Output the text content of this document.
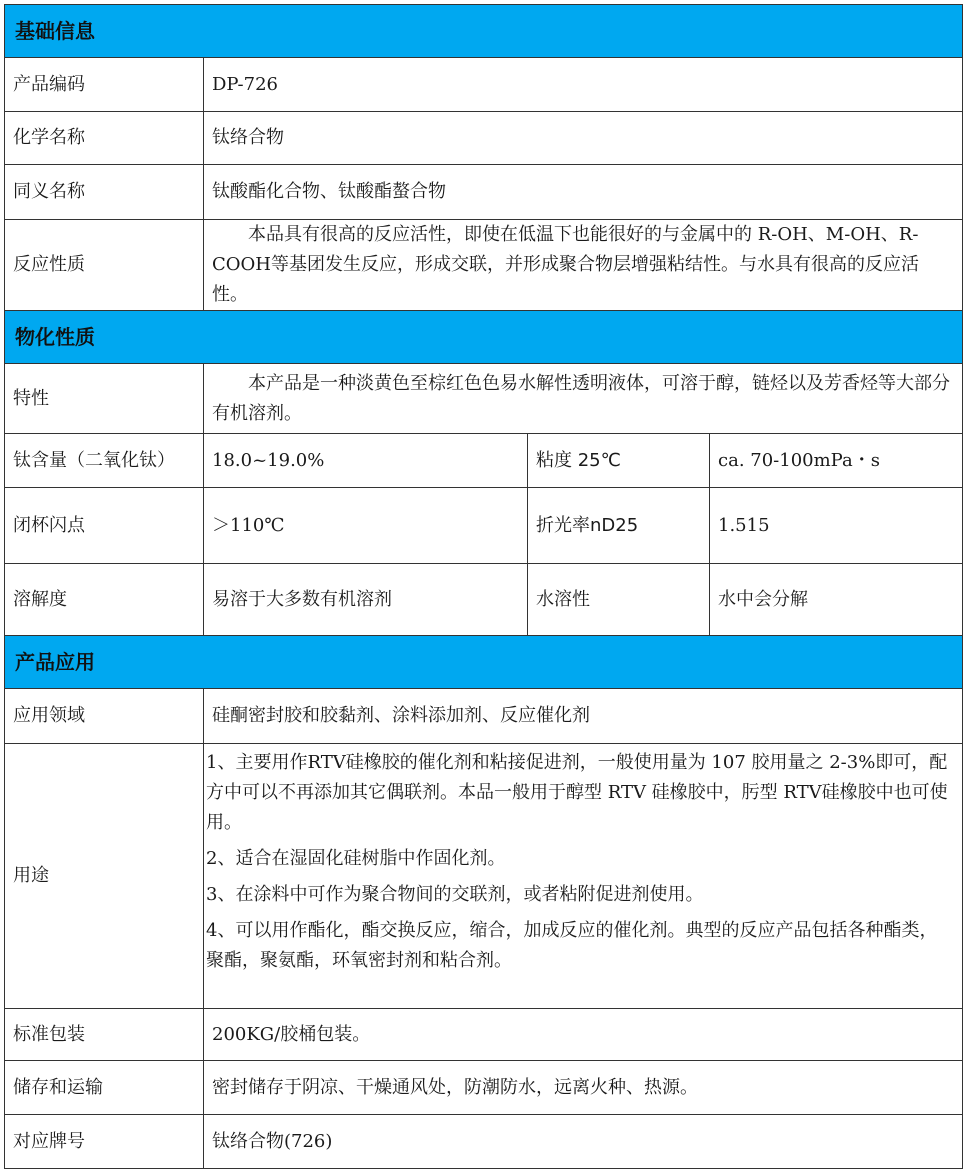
基础信息			
产品编码	DP-726		
化学名称	钛络合物		
同义名称	钛酸酯化合物、钛酸酯螯合物		
反应性质	本品具有很高的反应活性，即使在低温下也能很好的与金属中的 R-OH、M-OH、R-COOH等基团发生反应，形成交联，并形成聚合物层增强粘结性。与水具有很高的反应活性。		
物化性质			
特性	本产品是一种淡黄色至棕红色色易水解性透明液体，可溶于醇，链烃以及芳香烃等大部分有机溶剂。		
钛含量（二氧化钛）	18.0~19.0%	粘度 25℃	ca. 70-100mPa・s
闭杯闪点	＞110℃	折光率nD25	1.515
溶解度	易溶于大多数有机溶剂	水溶性	水中会分解
产品应用			
应用领域	硅酮密封胶和胶黏剂、涂料添加剂、反应催化剂		
用途	1、主要用作RTV硅橡胶的催化剂和粘接促进剂，一般使用量为 107 胶用量之 2-3%即可，配方中可以不再添加其它偶联剂。本品一般用于醇型 RTV 硅橡胶中，肟型 RTV硅橡胶中也可使用。

2、适合在湿固化硅树脂中作固化剂。

3、在涂料中可作为聚合物间的交联剂，或者粘附促进剂使用。

4、可以用作酯化，酯交换反应，缩合，加成反应的催化剂。典型的反应产品包括各种酯类，聚酯，聚氨酯，环氧密封剂和粘合剂。		

标准包装	200KG/胶桶包装。		
储存和运输	密封储存于阴凉、干燥通风处，防潮防水，远离火种、热源。		
对应牌号	钛络合物(726)		
